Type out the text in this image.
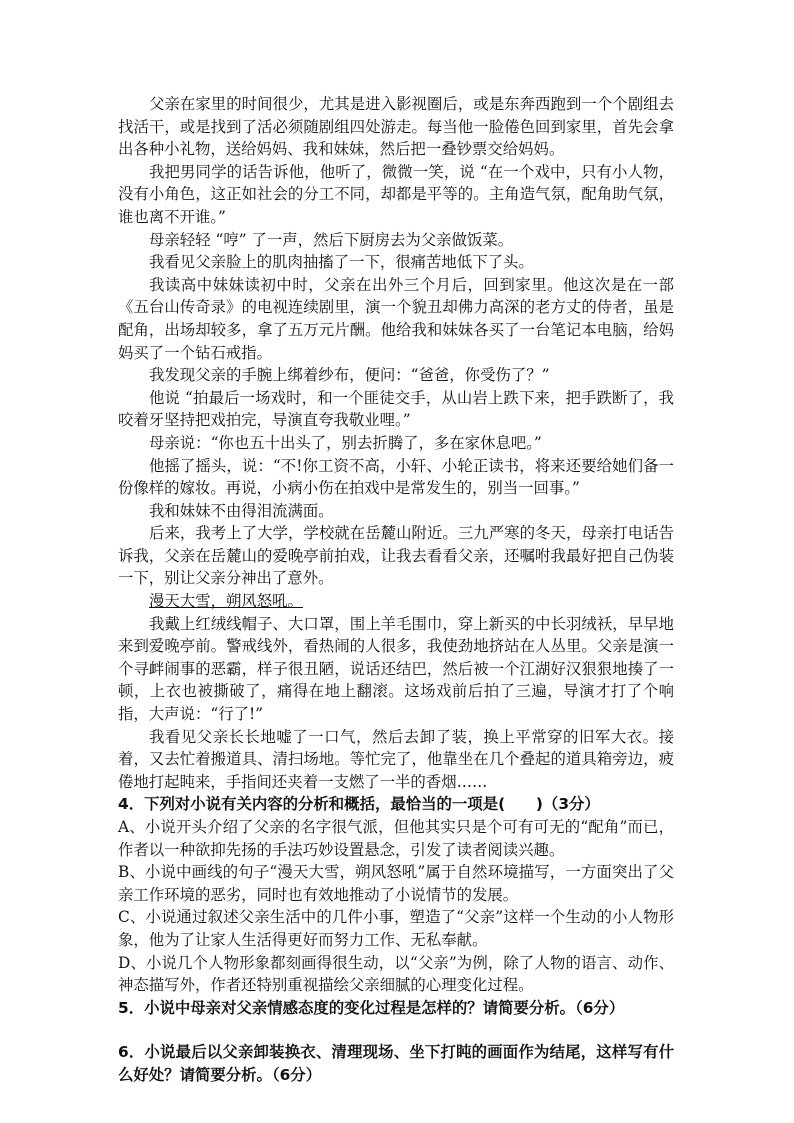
父亲在家里的时间很少，尤其是进入影视圈后，或是东奔西跑到一个个剧组去找活干，或是找到了活必须随剧组四处游走。每当他一脸倦色回到家里，首先会拿出各种小礼物，送给妈妈、我和妹妹，然后把一叠钞票交给妈妈。

我把男同学的话告诉他，他听了，微微一笑，说 “在一个戏中，只有小人物，没有小角色，这正如社会的分工不同，却都是平等的。主角造气氛，配角助气氛，谁也离不开谁。”

母亲轻轻 “哼” 了一声，然后下厨房去为父亲做饭菜。

我看见父亲脸上的肌肉抽搐了一下，很痛苦地低下了头。

我读高中妹妹读初中时，父亲在出外三个月后，回到家里。他这次是在一部《五台山传奇录》的电视连续剧里，演一个貌丑却佛力高深的老方丈的侍者，虽是配角，出场却较多，拿了五万元片酬。他给我和妹妹各买了一台笔记本电脑，给妈妈买了一个钻石戒指。

我发现父亲的手腕上绑着纱布，便问：“爸爸，你受伤了？”

他说 “拍最后一场戏时，和一个匪徒交手，从山岩上跌下来，把手跌断了，我咬着牙坚持把戏拍完，导演直夸我敬业哩。”

母亲说：“你也五十出头了，别去折腾了，多在家休息吧。”

他摇了摇头，说：“不!你工资不高，小轩、小轮正读书，将来还要给她们备一份像样的嫁妆。再说，小病小伤在拍戏中是常发生的，别当一回事。”

我和妹妹不由得泪流满面。

后来，我考上了大学，学校就在岳麓山附近。三九严寒的冬天，母亲打电话告诉我，父亲在岳麓山的爱晚亭前拍戏，让我去看看父亲，还嘱咐我最好把自己伪装一下，别让父亲分神出了意外。

漫天大雪，朔风怒吼。

我戴上红绒线帽子、大口罩，围上羊毛围巾，穿上新买的中长羽绒袄，早早地来到爱晚亭前。警戒线外，看热闹的人很多，我使劲地挤站在人丛里。父亲是演一个寻衅闹事的恶霸，样子很丑陋，说话还结巴，然后被一个江湖好汉狠狠地揍了一顿，上衣也被撕破了，痛得在地上翻滚。这场戏前后拍了三遍，导演才打了个响指，大声说：“行了!”

我看见父亲长长地嘘了一口气，然后去卸了装，换上平常穿的旧军大衣。接着，又去忙着搬道具、清扫场地。等忙完了，他靠坐在几个叠起的道具箱旁边，疲倦地打起盹来，手指间还夹着一支燃了一半的香烟……

4．下列对小说有关内容的分析和概括，最恰当的一项是(　　)（3分）

A、小说开头介绍了父亲的名字很气派，但他其实只是个可有可无的“配角”而已，作者以一种欲抑先扬的手法巧妙设置悬念，引发了读者阅读兴趣。

B、小说中画线的句子“漫天大雪，朔风怒吼”属于自然环境描写，一方面突出了父亲工作环境的恶劣，同时也有效地推动了小说情节的发展。

C、小说通过叙述父亲生活中的几件小事，塑造了“父亲”这样一个生动的小人物形象，他为了让家人生活得更好而努力工作、无私奉献。

D、小说几个人物形象都刻画得很生动，以“父亲”为例，除了人物的语言、动作、神态描写外，作者还特别重视描绘父亲细腻的心理变化过程。

5．小说中母亲对父亲情感态度的变化过程是怎样的？请简要分析。（6分）

6．小说最后以父亲卸装换衣、清理现场、坐下打盹的画面作为结尾，这样写有什么好处？请简要分析。（6分）
